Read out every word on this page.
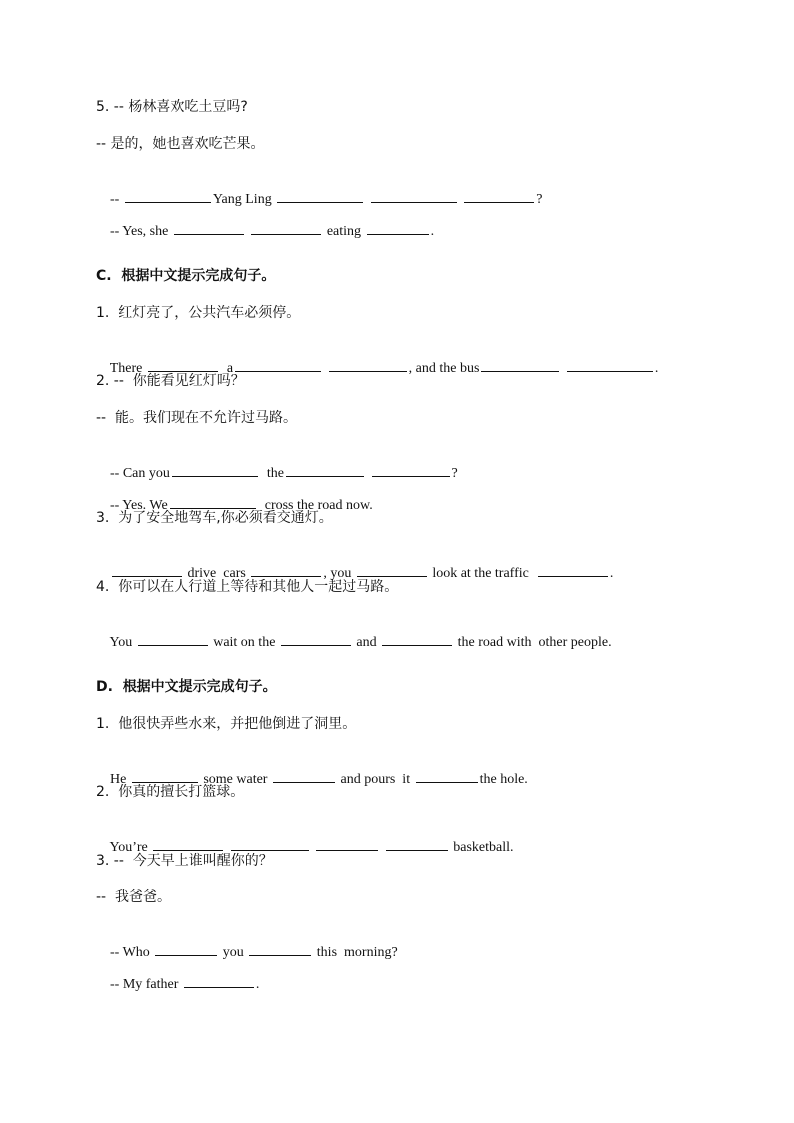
5. -- 杨林喜欢吃土豆吗?
-- 是的，她也喜欢吃芒果。

--	Yang Ling	?

-- Yes, she	eating	.

C.  根据中文提示完成句子。
1.  红灯亮了，公共汽车必须停。

There	a	, and the bus	.

2. --  你能看见红灯吗？
--  能。我们现在不允许过马路。

-- Can you	the	?

-- Yes. We	cross the road now.

3.  为了安全地驾车,你必须看交通灯。

drive  cars	, you	look at the traffic	.

4.  你可以在人行道上等待和其他人一起过马路。

You	wait on the	and	the road with  other people.

D.  根据中文提示完成句子。
1.  他很快弄些水来，并把他倒进了洞里。

He	some water	and pours  it	the hole.

2.  你真的擅长打篮球。

You’re	basketball.

3. --  今天早上谁叫醒你的？
--  我爸爸。

-- Who	you	this  morning?

-- My father	.
